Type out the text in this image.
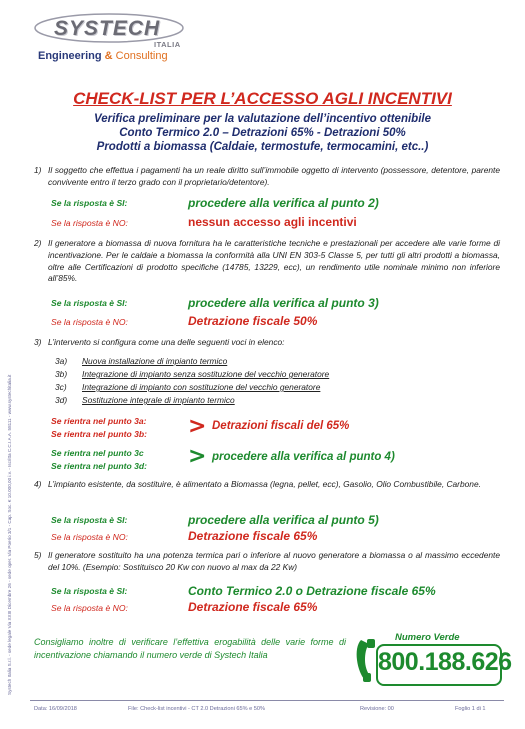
SYSTECH
ITALIA
Engineering & Consulting
Systech Italia S.r.l. - sede legale Via XXIII Dicembre 26 - sede oper. Via Poerio 3/1 - Cap. Soc. € 10.000,00 i.v. - Iscritta C.C.I.A.A. 58111 - www.systechitalia.it
CHECK-LIST PER L’ACCESSO AGLI INCENTIVI
Verifica preliminare per la valutazione dell’incentivo ottenibile
Conto Termico 2.0 – Detrazioni 65% - Detrazioni 50%
Prodotti a biomassa (Caldaie, termostufe, termocamini, etc..)
1) Il soggetto che effettua i pagamenti ha un reale diritto sull’immobile oggetto di intervento (possessore, detentore, parente convivente entro il terzo grado con il proprietario/detentore).
Se la risposta è SI:	procedere alla verifica al punto 2)
Se la risposta è NO:	nessun accesso agli incentivi
2) Il generatore a biomassa di nuova fornitura ha le caratteristiche tecniche e prestazionali per accedere alle varie forme di incentivazione. Per le caldaie a biomassa la conformità alla UNI EN 303-5 Classe 5, per tutti gli altri prodotti a biomassa, oltre alle Certificazioni di prodotto specifiche (14785, 13229, ecc), un rendimento utile nominale minimo non inferiore all’85%.
Se la risposta è SI:	procedere alla verifica al punto 3)
Se la risposta è NO:	Detrazione fiscale 50%
3) L’intervento si configura come una delle seguenti voci in elenco:
3a) Nuova installazione di impianto termico
3b) Integrazione di impianto senza sostituzione del vecchio generatore
3c) Integrazione di impianto con sostituzione del vecchio generatore
3d) Sostituzione integrale di impianto termico
Se rientra nel punto 3a:
Se rientra nel punto 3b: > Detrazioni fiscali del 65%
Se rientra nel punto 3c
Se rientra nel punto 3d: > procedere alla verifica al punto 4)
4) L’impianto esistente, da sostituire, è alimentato a Biomassa (legna, pellet, ecc), Gasolio, Olio Combustibile, Carbone.
Se la risposta è SI:	procedere alla verifica al punto 5)
Se la risposta è NO:	Detrazione fiscale 65%
5) Il generatore sostituito ha una potenza termica pari o inferiore al nuovo generatore a biomassa o al massimo eccedente del 10%. (Esempio: Sostituisco 20 Kw con nuovo al max da 22 Kw)
Se la risposta è SI:	Conto Termico 2.0 o Detrazione fiscale 65%
Se la risposta è NO:	Detrazione fiscale 65%
Consigliamo inoltre di verificare l’effettiva erogabilità delle varie forme di incentivazione chiamando il numero verde di Systech Italia
Numero Verde
800.188.626
Data: 16/09/2018	File: Check-list incentivi - CT 2.0 Detrazioni 65% e 50%	Revisione: 00	Foglio 1 di 1
